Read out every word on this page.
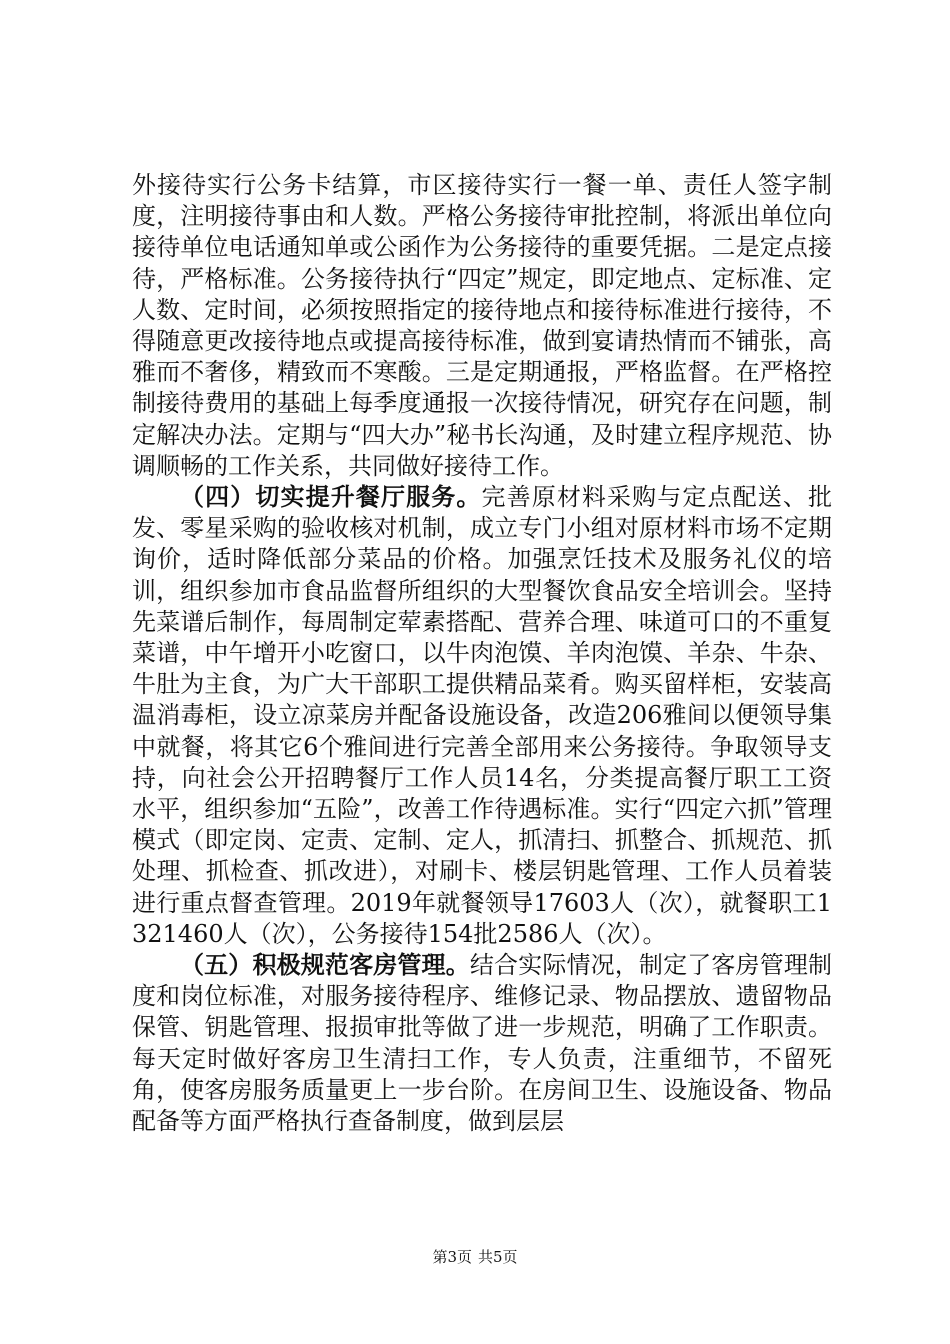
外接待实行公务卡结算，市区接待实行一餐一单、责任人签字制度，注明接待事由和人数。严格公务接待审批控制，将派出单位向接待单位电话通知单或公函作为公务接待的重要凭据。二是定点接待，严格标准。公务接待执行“四定”规定，即定地点、定标准、定人数、定时间，必须按照指定的接待地点和接待标准进行接待，不得随意更改接待地点或提高接待标准，做到宴请热情而不铺张，高雅而不奢侈，精致而不寒酸。三是定期通报，严格监督。在严格控制接待费用的基础上每季度通报一次接待情况，研究存在问题，制定解决办法。定期与“四大办”秘书长沟通，及时建立程序规范、协调顺畅的工作关系，共同做好接待工作。

（四）切实提升餐厅服务。完善原材料采购与定点配送、批发、零星采购的验收核对机制，成立专门小组对原材料市场不定期询价，适时降低部分菜品的价格。加强烹饪技术及服务礼仪的培训，组织参加市食品监督所组织的大型餐饮食品安全培训会。坚持先菜谱后制作，每周制定荤素搭配、营养合理、味道可口的不重复菜谱，中午增开小吃窗口，以牛肉泡馍、羊肉泡馍、羊杂、牛杂、牛肚为主食，为广大干部职工提供精品菜肴。购买留样柜，安装高温消毒柜，设立凉菜房并配备设施设备，改造206雅间以便领导集中就餐，将其它6个雅间进行完善全部用来公务接待。争取领导支持，向社会公开招聘餐厅工作人员14名，分类提高餐厅职工工资水平，组织参加“五险”，改善工作待遇标准。实行“四定六抓”管理模式（即定岗、定责、定制、定人，抓清扫、抓整合、抓规范、抓处理、抓检查、抓改进），对刷卡、楼层钥匙管理、工作人员着装进行重点督查管理。2019年就餐领导17603人（次），就餐职工1321460人（次），公务接待154批2586人（次）。

（五）积极规范客房管理。结合实际情况，制定了客房管理制度和岗位标准，对服务接待程序、维修记录、物品摆放、遗留物品保管、钥匙管理、报损审批等做了进一步规范，明确了工作职责。每天定时做好客房卫生清扫工作，专人负责，注重细节，不留死角，使客房服务质量更上一步台阶。在房间卫生、设施设备、物品配备等方面严格执行查备制度，做到层层

第3页 共5页
